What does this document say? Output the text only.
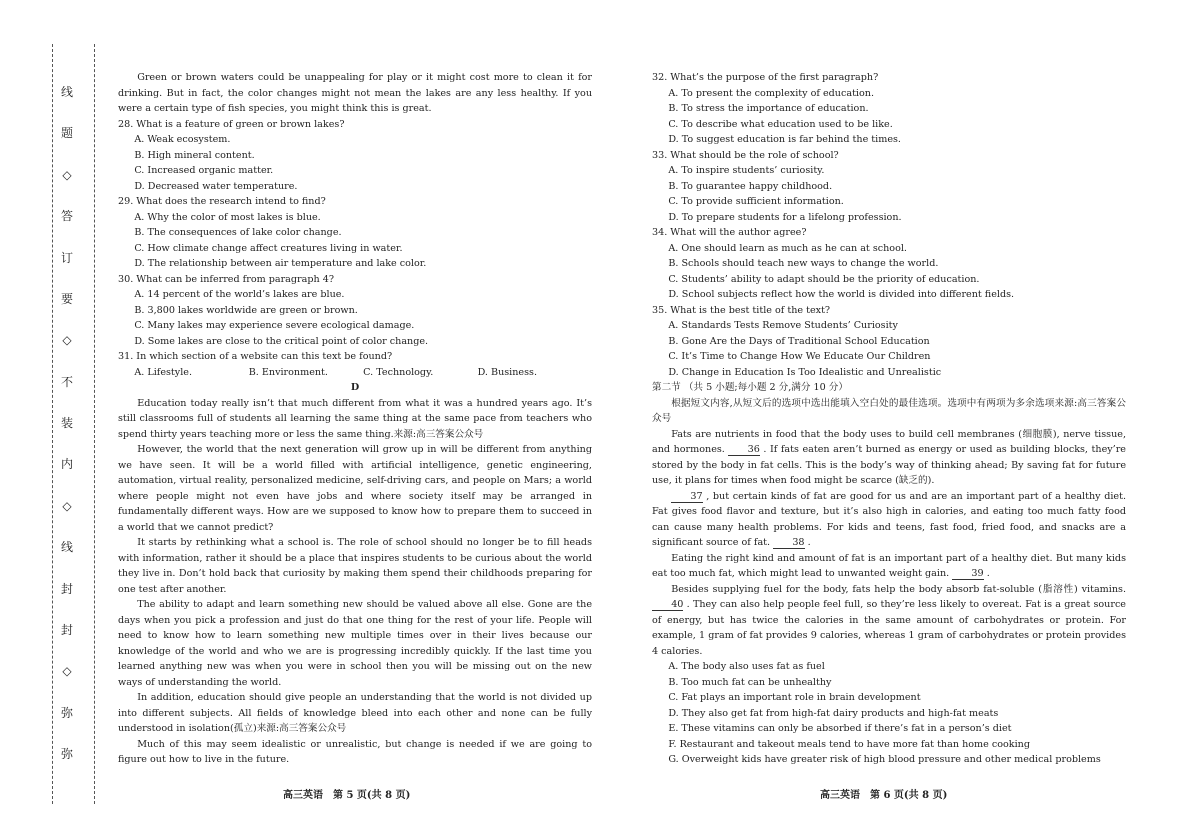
线
题
◇
答
订
要
◇
不
装
内
◇
线
封
封
◇
弥
弥

Green or brown waters could be unappealing for play or it might cost more to clean it for drinking. But in fact, the color changes might not mean the lakes are any less healthy. If you were a certain type of fish species, you might think this is great.

28. What is a feature of green or brown lakes?

A. Weak ecosystem.

B. High mineral content.

C. Increased organic matter.

D. Decreased water temperature.

29. What does the research intend to find?

A. Why the color of most lakes is blue.

B. The consequences of lake color change.

C. How climate change affect creatures living in water.

D. The relationship between air temperature and lake color.

30. What can be inferred from paragraph 4?

A. 14 percent of the world’s lakes are blue.

B. 3,800 lakes worldwide are green or brown.

C. Many lakes may experience severe ecological damage.

D. Some lakes are close to the critical point of color change.

31. In which section of a website can this text be found?

A. Lifestyle.	B. Environment.	C. Technology.	D. Business.

D

Education today really isn’t that much different from what it was a hundred years ago. It’s still classrooms full of students all learning the same thing at the same pace from teachers who spend thirty years teaching more or less the same thing.来源:高三答案公众号

However, the world that the next generation will grow up in will be different from anything we have seen. It will be a world filled with artificial intelligence, genetic engineering, automation, virtual reality, personalized medicine, self-driving cars, and people on Mars; a world where people might not even have jobs and where society itself may be arranged in fundamentally different ways. How are we supposed to know how to prepare them to succeed in a world that we cannot predict?

It starts by rethinking what a school is. The role of school should no longer be to fill heads with information, rather it should be a place that inspires students to be curious about the world they live in. Don’t hold back that curiosity by making them spend their childhoods preparing for one test after another.

The ability to adapt and learn something new should be valued above all else. Gone are the days when you pick a profession and just do that one thing for the rest of your life. People will need to know how to learn something new multiple times over in their lives because our knowledge of the world and who we are is progressing incredibly quickly. If the last time you learned anything new was when you were in school then you will be missing out on the new ways of understanding the world.

In addition, education should give people an understanding that the world is not divided up into different subjects. All fields of knowledge bleed into each other and none can be fully understood in isolation(孤立)来源:高三答案公众号

Much of this may seem idealistic or unrealistic, but change is needed if we are going to figure out how to live in the future.

高三英语　第 5 页(共 8 页)

32. What’s the purpose of the first paragraph?

A. To present the complexity of education.

B. To stress the importance of education.

C. To describe what education used to be like.

D. To suggest education is far behind the times.

33. What should be the role of school?

A. To inspire students’ curiosity.

B. To guarantee happy childhood.

C. To provide sufficient information.

D. To prepare students for a lifelong profession.

34. What will the author agree?

A. One should learn as much as he can at school.

B. Schools should teach new ways to change the world.

C. Students’ ability to adapt should be the priority of education.

D. School subjects reflect how the world is divided into different fields.

35. What is the best title of the text?

A. Standards Tests Remove Students’ Curiosity

B. Gone Are the Days of Traditional School Education

C. It’s Time to Change How We Educate Our Children

D. Change in Education Is Too Idealistic and Unrealistic

第二节 （共 5 小题;每小题 2 分,满分 10 分）

根据短文内容,从短文后的选项中选出能填入空白处的最佳选项。选项中有两项为多余选项来源:高三答案公众号

Fats are nutrients in food that the body uses to build cell membranes (细胞膜), nerve tissue, and hormones. 36 . If fats eaten aren’t burned as energy or used as building blocks, they’re stored by the body in fat cells. This is the body’s way of thinking ahead; By saving fat for future use, it plans for times when food might be scarce (缺乏的).

37 , but certain kinds of fat are good for us and are an important part of a healthy diet. Fat gives food flavor and texture, but it’s also high in calories, and eating too much fatty food can cause many health problems. For kids and teens, fast food, fried food, and snacks are a significant source of fat. 38 .

Eating the right kind and amount of fat is an important part of a healthy diet. But many kids eat too much fat, which might lead to unwanted weight gain. 39 .

Besides supplying fuel for the body, fats help the body absorb fat-soluble (脂溶性) vitamins. 40 . They can also help people feel full, so they’re less likely to overeat. Fat is a great source of energy, but has twice the calories in the same amount of carbohydrates or protein. For example, 1 gram of fat provides 9 calories, whereas 1 gram of carbohydrates or protein provides 4 calories.

A. The body also uses fat as fuel

B. Too much fat can be unhealthy

C. Fat plays an important role in brain development

D. They also get fat from high-fat dairy products and high-fat meats

E. These vitamins can only be absorbed if there’s fat in a person’s diet

F. Restaurant and takeout meals tend to have more fat than home cooking

G. Overweight kids have greater risk of high blood pressure and other medical problems

高三英语　第 6 页(共 8 页)
